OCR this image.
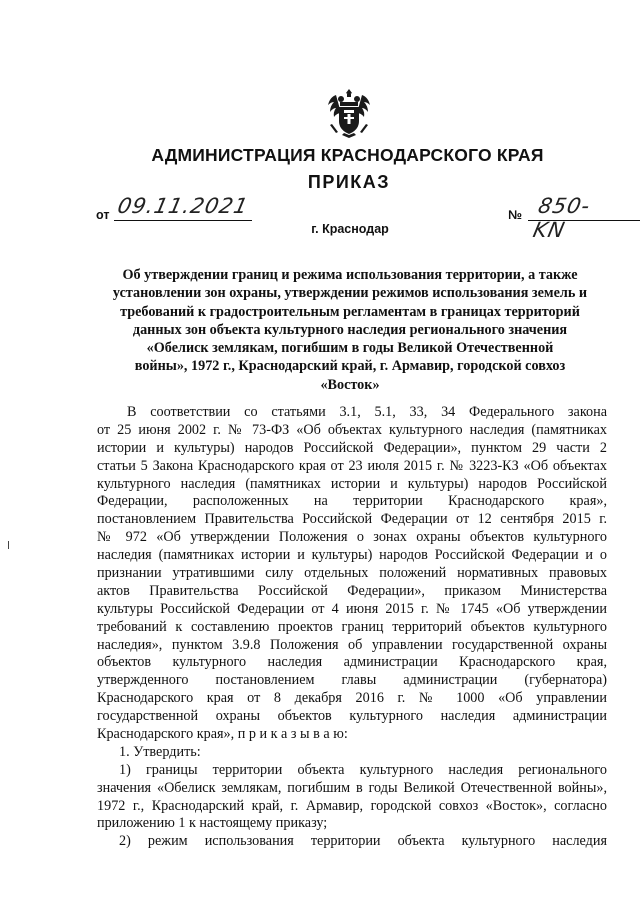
АДМИНИСТРАЦИЯ КРАСНОДАРСКОГО КРАЯ
ПРИКАЗ
от 09.11.2021	№ 850-KN
г. Краснодар
Об утверждении границ и режима использования территории, а также
установлении зон охраны, утверждении режимов использования земель и
требований к градостроительным регламентам в границах территорий
данных зон объекта культурного наследия регионального значения
«Обелиск землякам, погибшим в годы Великой Отечественной
войны», 1972 г., Краснодарский край, г. Армавир, городской совхоз
«Восток»
В соответствии со статьями 3.1, 5.1, 33, 34 Федерального закона
от 25 июня 2002 г. № 73-ФЗ «Об объектах культурного наследия (памятниках
истории и культуры) народов Российской Федерации», пунктом 29 части 2
статьи 5 Закона Краснодарского края от 23 июля 2015 г. № 3223-КЗ «Об объектах
культурного наследия (памятниках истории и культуры) народов Российской
Федерации, расположенных на территории Краснодарского края»,
постановлением Правительства Российской Федерации от 12 сентября 2015 г.
№ 972 «Об утверждении Положения о зонах охраны объектов культурного
наследия (памятниках истории и культуры) народов Российской Федерации и о
признании утратившими силу отдельных положений нормативных правовых
актов Правительства Российской Федерации», приказом Министерства
культуры Российской Федерации от 4 июня 2015 г. № 1745 «Об утверждении
требований к составлению проектов границ территорий объектов культурного
наследия», пунктом 3.9.8 Положения об управлении государственной охраны
объектов культурного наследия администрации Краснодарского края,
утвержденного постановлением главы администрации (губернатора)
Краснодарского края от 8 декабря 2016 г. № 1000 «Об управлении
государственной охраны объектов культурного наследия администрации
Краснодарского края», п р и к а з ы в а ю:
1. Утвердить:
1) границы территории объекта культурного наследия регионального
значения «Обелиск землякам, погибшим в годы Великой Отечественной войны»,
1972 г., Краснодарский край, г. Армавир, городской совхоз «Восток», согласно
приложению 1 к настоящему приказу;
2) режим использования территории объекта культурного наследия
